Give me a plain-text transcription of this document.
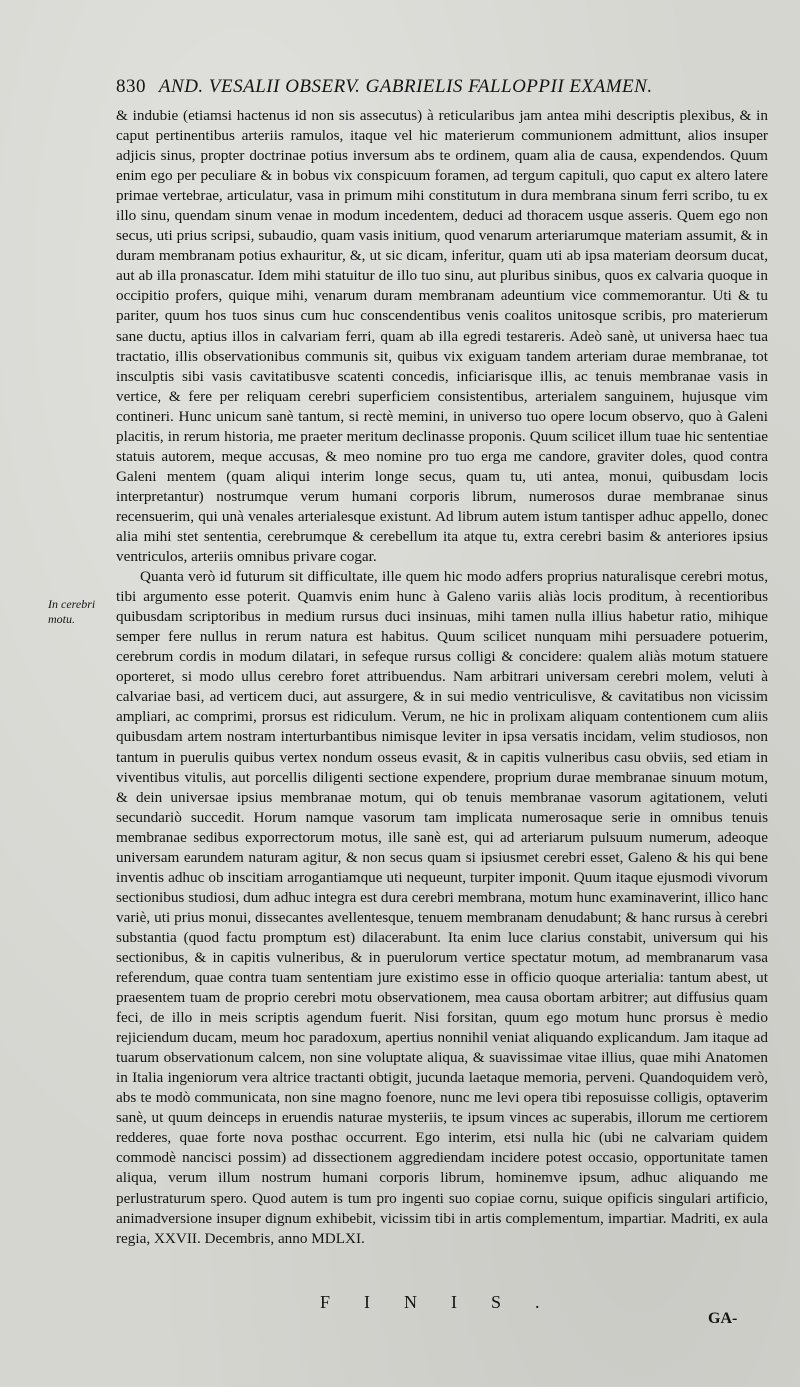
830 AND. VESALII OBSERV. GABRIELIS FALLOPPII EXAMEN.
In cerebri motu.

& indubie (etiamsi hactenus id non sis assecutus) à reticularibus jam antea mihi descriptis plexibus, & in caput pertinentibus arteriis ramulos, itaque vel hic materierum communionem admittunt, alios insuper adjicis sinus, propter doctrinae potius inversum abs te ordinem, quam alia de causa, expendendos. Quum enim ego per peculiare & in bobus vix conspicuum foramen, ad tergum capituli, quo caput ex altero latere primae vertebrae, articulatur, vasa in primum mihi constitutum in dura membrana sinum ferri scribo, tu ex illo sinu, quendam sinum venae in modum incedentem, deduci ad thoracem usque asseris. Quem ego non secus, uti prius scripsi, subaudio, quam vasis initium, quod venarum arteriarumque materiam assumit, & in duram membranam potius exhauritur, &, ut sic dicam, inferitur, quam uti ab ipsa materiam deorsum ducat, aut ab illa pronascatur. Idem mihi statuitur de illo tuo sinu, aut pluribus sinibus, quos ex calvaria quoque in occipitio profers, quique mihi, venarum duram membranam adeuntium vice commemorantur. Uti & tu pariter, quum hos tuos sinus cum huc conscendentibus venis coalitos unitosque scribis, pro materierum sane ductu, aptius illos in calvariam ferri, quam ab illa egredi testareris. Adeò sanè, ut universa haec tua tractatio, illis observationibus communis sit, quibus vix exiguam tandem arteriam durae membranae, tot insculptis sibi vasis cavitatibusve scatenti concedis, inficiarisque illis, ac tenuis membranae vasis in vertice, & fere per reliquam cerebri superficiem consistentibus, arterialem sanguinem, hujusque vim contineri. Hunc unicum sanè tantum, si rectè memini, in universo tuo opere locum observo, quo à Galeni placitis, in rerum historia, me praeter meritum declinasse proponis. Quum scilicet illum tuae hic sententiae statuis autorem, meque accusas, & meo nomine pro tuo erga me candore, graviter doles, quod contra Galeni mentem (quam aliqui interim longe secus, quam tu, uti antea, monui, quibusdam locis interpretantur) nostrumque verum humani corporis librum, numerosos durae membranae sinus recensuerim, qui unà venales arterialesque existunt. Ad librum autem istum tantisper adhuc appello, donec alia mihi stet sententia, cerebrumque & cerebellum ita atque tu, extra cerebri basim & anteriores ipsius ventriculos, arteriis omnibus privare cogar.

Quanta verò id futurum sit difficultate, ille quem hic modo adfers proprius naturalisque cerebri motus, tibi argumento esse poterit. Quamvis enim hunc à Galeno variis aliàs locis proditum, à recentioribus quibusdam scriptoribus in medium rursus duci insinuas, mihi tamen nulla illius habetur ratio, mihique semper fere nullus in rerum natura est habitus. Quum scilicet nunquam mihi persuadere potuerim, cerebrum cordis in modum dilatari, in sefeque rursus colligi & concidere: qualem aliàs motum statuere oporteret, si modo ullus cerebro foret attribuendus. Nam arbitrari universam cerebri molem, veluti à calvariae basi, ad verticem duci, aut assurgere, & in sui medio ventriculisve, & cavitatibus non vicissim ampliari, ac comprimi, prorsus est ridiculum. Verum, ne hic in prolixam aliquam contentionem cum aliis quibusdam artem nostram interturbantibus nimisque leviter in ipsa versatis incidam, velim studiosos, non tantum in puerulis quibus vertex nondum osseus evasit, & in capitis vulneribus casu obviis, sed etiam in viventibus vitulis, aut porcellis diligenti sectione expendere, proprium durae membranae sinuum motum, & dein universae ipsius membranae motum, qui ob tenuis membranae vasorum agitationem, veluti secundariò succedit. Horum namque vasorum tam implicata numerosaque serie in omnibus tenuis membranae sedibus exporrectorum motus, ille sanè est, qui ad arteriarum pulsuum numerum, adeoque universam earundem naturam agitur, & non secus quam si ipsiusmet cerebri esset, Galeno & his qui bene inventis adhuc ob inscitiam arrogantiamque uti nequeunt, turpiter imponit. Quum itaque ejusmodi vivorum sectionibus studiosi, dum adhuc integra est dura cerebri membrana, motum hunc examinaverint, illico hanc variè, uti prius monui, dissecantes avellentesque, tenuem membranam denudabunt; & hanc rursus à cerebri substantia (quod factu promptum est) dilacerabunt. Ita enim luce clarius constabit, universum qui his sectionibus, & in capitis vulneribus, & in puerulorum vertice spectatur motum, ad membranarum vasa referendum, quae contra tuam sententiam jure existimo esse in officio quoque arterialia: tantum abest, ut praesentem tuam de proprio cerebri motu observationem, mea causa obortam arbitrer; aut diffusius quam feci, de illo in meis scriptis agendum fuerit. Nisi forsitan, quum ego motum hunc prorsus è medio rejiciendum ducam, meum hoc paradoxum, apertius nonnihil veniat aliquando explicandum. Jam itaque ad tuarum observationum calcem, non sine voluptate aliqua, & suavissimae vitae illius, quae mihi Anatomen in Italia ingeniorum vera altrice tractanti obtigit, jucunda laetaque memoria, perveni. Quandoquidem verò, abs te modò communicata, non sine magno foenore, nunc me levi opera tibi reposuisse colligis, optaverim sanè, ut quum deinceps in eruendis naturae mysteriis, te ipsum vinces ac superabis, illorum me certiorem redderes, quae forte nova posthac occurrent. Ego interim, etsi nulla hic (ubi ne calvariam quidem commodè nancisci possim) ad dissectionem aggrediendam incidere potest occasio, opportunitate tamen aliqua, verum illum nostrum humani corporis librum, hominemve ipsum, adhuc aliquando me perlustraturum spero. Quod autem is tum pro ingenti suo copiae cornu, suique opificis singulari artificio, animadversione insuper dignum exhibebit, vicissim tibi in artis complementum, impartiar. Madriti, ex aula regia, XXVII. Decembris, anno MDLXI.

FINIS.
GA-
